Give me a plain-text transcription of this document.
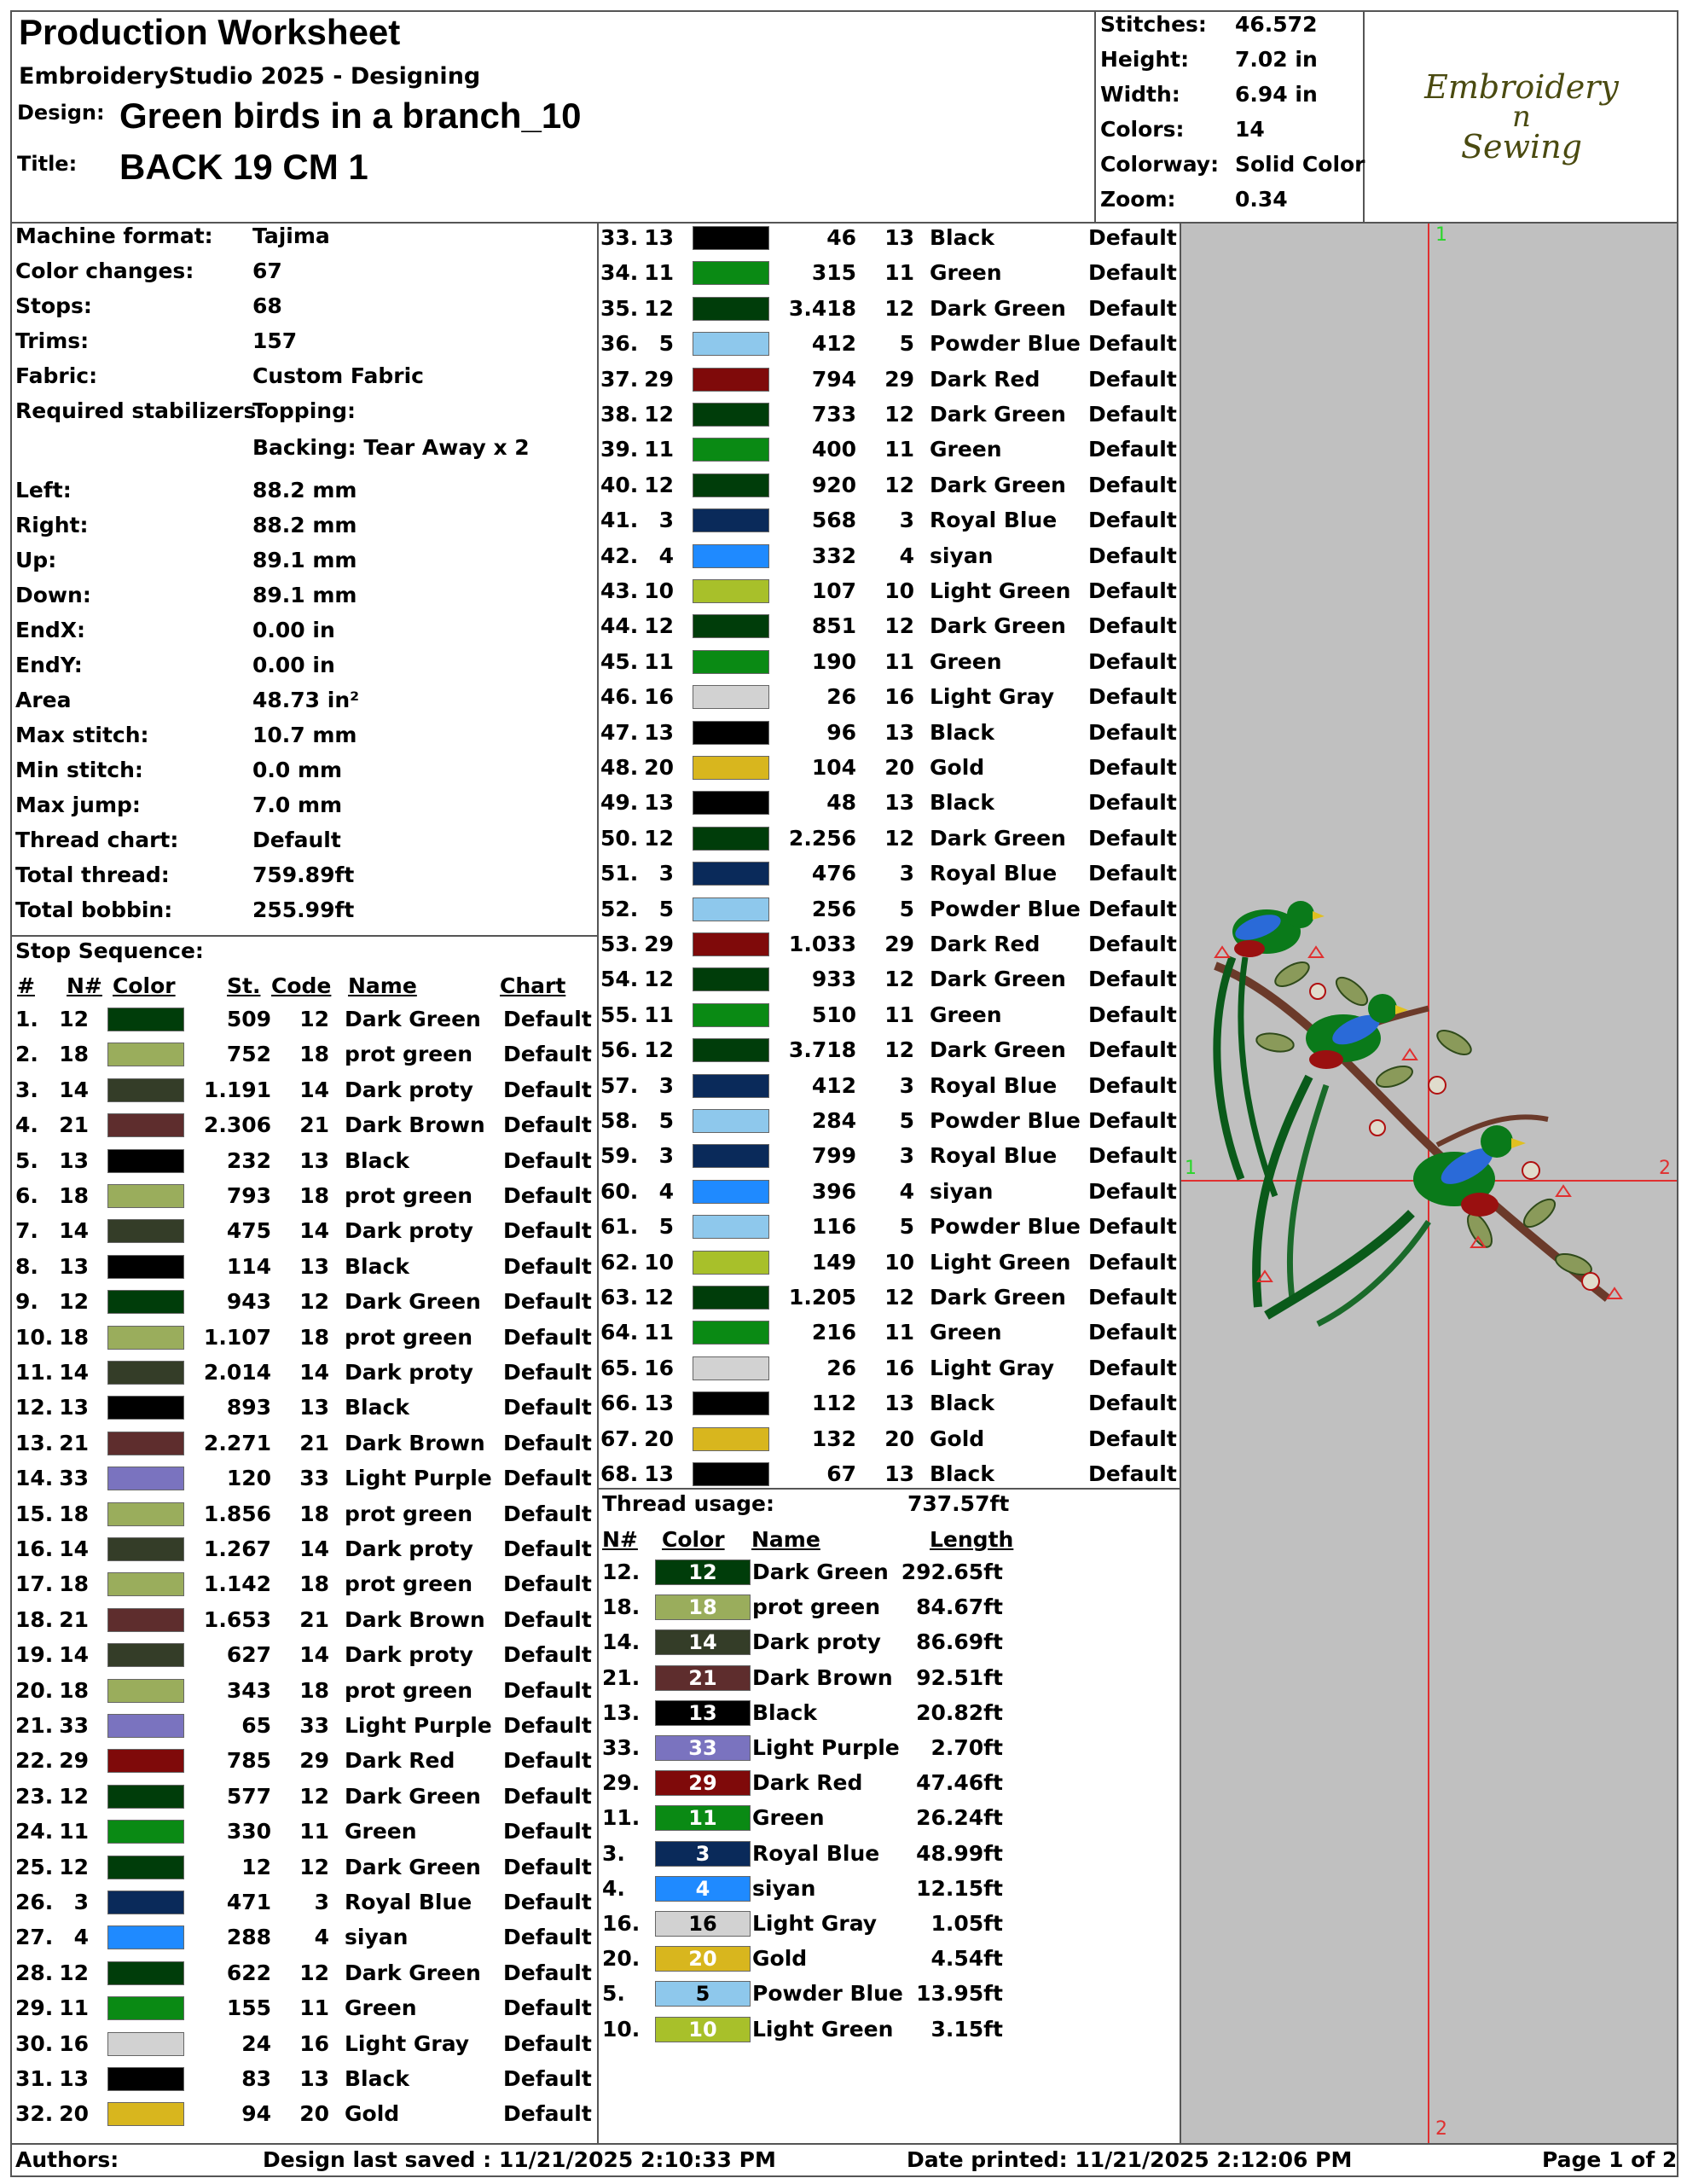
Production Worksheet
EmbroideryStudio 2025 - Designing
Design: Green birds in a branch_10
Title: BACK 19 CM 1
Stitches: 46.572
Height: 7.02 in
Width:	6.94 in
Colors: 14
Colorway: Solid Color
Zoom:	0.34
Embroidery
n
Sewing
Machine format: Tajima
Color changes:	67
Stops:	68
Trims:	157
Fabric:	Custom Fabric
Required stabilizers:
Topping:
Backing: Tear Away x 2
Left:	88.2 mm
Right:	88.2 mm
Up:	89.1 mm
Down:	89.1 mm
EndX:	0.00 in
EndY:	0.00 in
Area	48.73 in²
Max stitch:	10.7 mm
Min stitch:	0.0 mm
Max jump:	7.0 mm
Thread chart:	Default
Total thread:	759.89ft
Total bobbin:	255.99ft
Stop Sequence:
# N# Color St. Code Name	Chart
1. 12	509	12 Dark Green Default
2. 18	752	18 prot green Default
3. 14	1.191	14 Dark proty Default
4. 21	2.306	21 Dark Brown Default
5. 13	232	13 Black	Default
6. 18	793	18 prot green Default
7. 14	475	14 Dark proty Default
8. 13	114	13 Black	Default
9. 12	943	12 Dark Green Default
10. 18	1.107	18 prot green Default
11. 14	2.014	14 Dark proty Default
12. 13	893	13 Black	Default
13. 21	2.271	21 Dark Brown Default
14. 33	120	33 Light Purple Default
15. 18	1.856	18 prot green Default
16. 14	1.267	14 Dark proty Default
17. 18	1.142	18 prot green Default
18. 21	1.653	21 Dark Brown Default
19. 14	627	14 Dark proty Default
20. 18	343	18 prot green Default
21. 33	65	33 Light Purple Default
22. 29	785	29 Dark Red Default
23. 12	577	12 Dark Green Default
24. 11	330	11 Green	Default
25. 12	12	12 Dark Green Default
26. 3	471	3 Royal Blue Default
27. 4	288	4 siyan	Default
28. 12	622	12 Dark Green Default
29. 11	155	11 Green	Default
30. 16	24	16 Light Gray Default
31. 13	83	13 Black	Default
32. 20	94	20 Gold	Default
33. 13	46	13 Black	Default
34. 11	315	11 Green	Default
35. 12	3.418	12 Dark Green Default
36. 5	412	5 Powder Blue Default
37. 29	794	29 Dark Red Default
38. 12	733	12 Dark Green Default
39. 11	400	11 Green	Default
40. 12	920	12 Dark Green Default
41. 3	568	3 Royal Blue Default
42. 4	332	4 siyan	Default
43. 10	107	10 Light Green Default
44. 12	851	12 Dark Green Default
45. 11	190	11 Green	Default
46. 16	26	16 Light Gray Default
47. 13	96	13 Black	Default
48. 20	104	20 Gold	Default
49. 13	48	13 Black	Default
50. 12	2.256	12 Dark Green Default
51. 3	476	3 Royal Blue Default
52. 5	256	5 Powder Blue Default
53. 29	1.033	29 Dark Red Default
54. 12	933	12 Dark Green Default
55. 11	510	11 Green	Default
56. 12	3.718	12 Dark Green Default
57. 3	412	3 Royal Blue Default
58. 5	284	5 Powder Blue Default
59. 3	799	3 Royal Blue Default
60. 4	396	4 siyan	Default
61. 5	116	5 Powder Blue Default
62. 10	149	10 Light Green Default
63. 12	1.205	12 Dark Green Default
64. 11	216	11 Green	Default
65. 16	26	16 Light Gray Default
66. 13	112	13 Black	Default
67. 20	132	20 Gold	Default
68. 13	67	13 Black	Default
Thread usage:	737.57ft
N# Color Name	Length
12. 12 Dark Green 292.65ft
18. 18 prot green	84.67ft
14. 14 Dark proty	86.69ft
21. 21 Dark Brown	92.51ft
13. 13 Black	20.82ft
33. 33 Light Purple	2.70ft
29. 29 Dark Red	47.46ft
11. 11 Green	26.24ft
3.	3 Royal Blue	48.99ft
4.	4 siyan	12.15ft
16. 16 Light Gray	1.05ft
20. 20 Gold	4.54ft
5.	5 Powder Blue 13.95ft
10. 10 Light Green	3.15ft
1
2
1	2
Authors:	Design last saved : 11/21/2025 2:10:33 PM	Date printed: 11/21/2025 2:12:06 PM	Page 1 of 2
